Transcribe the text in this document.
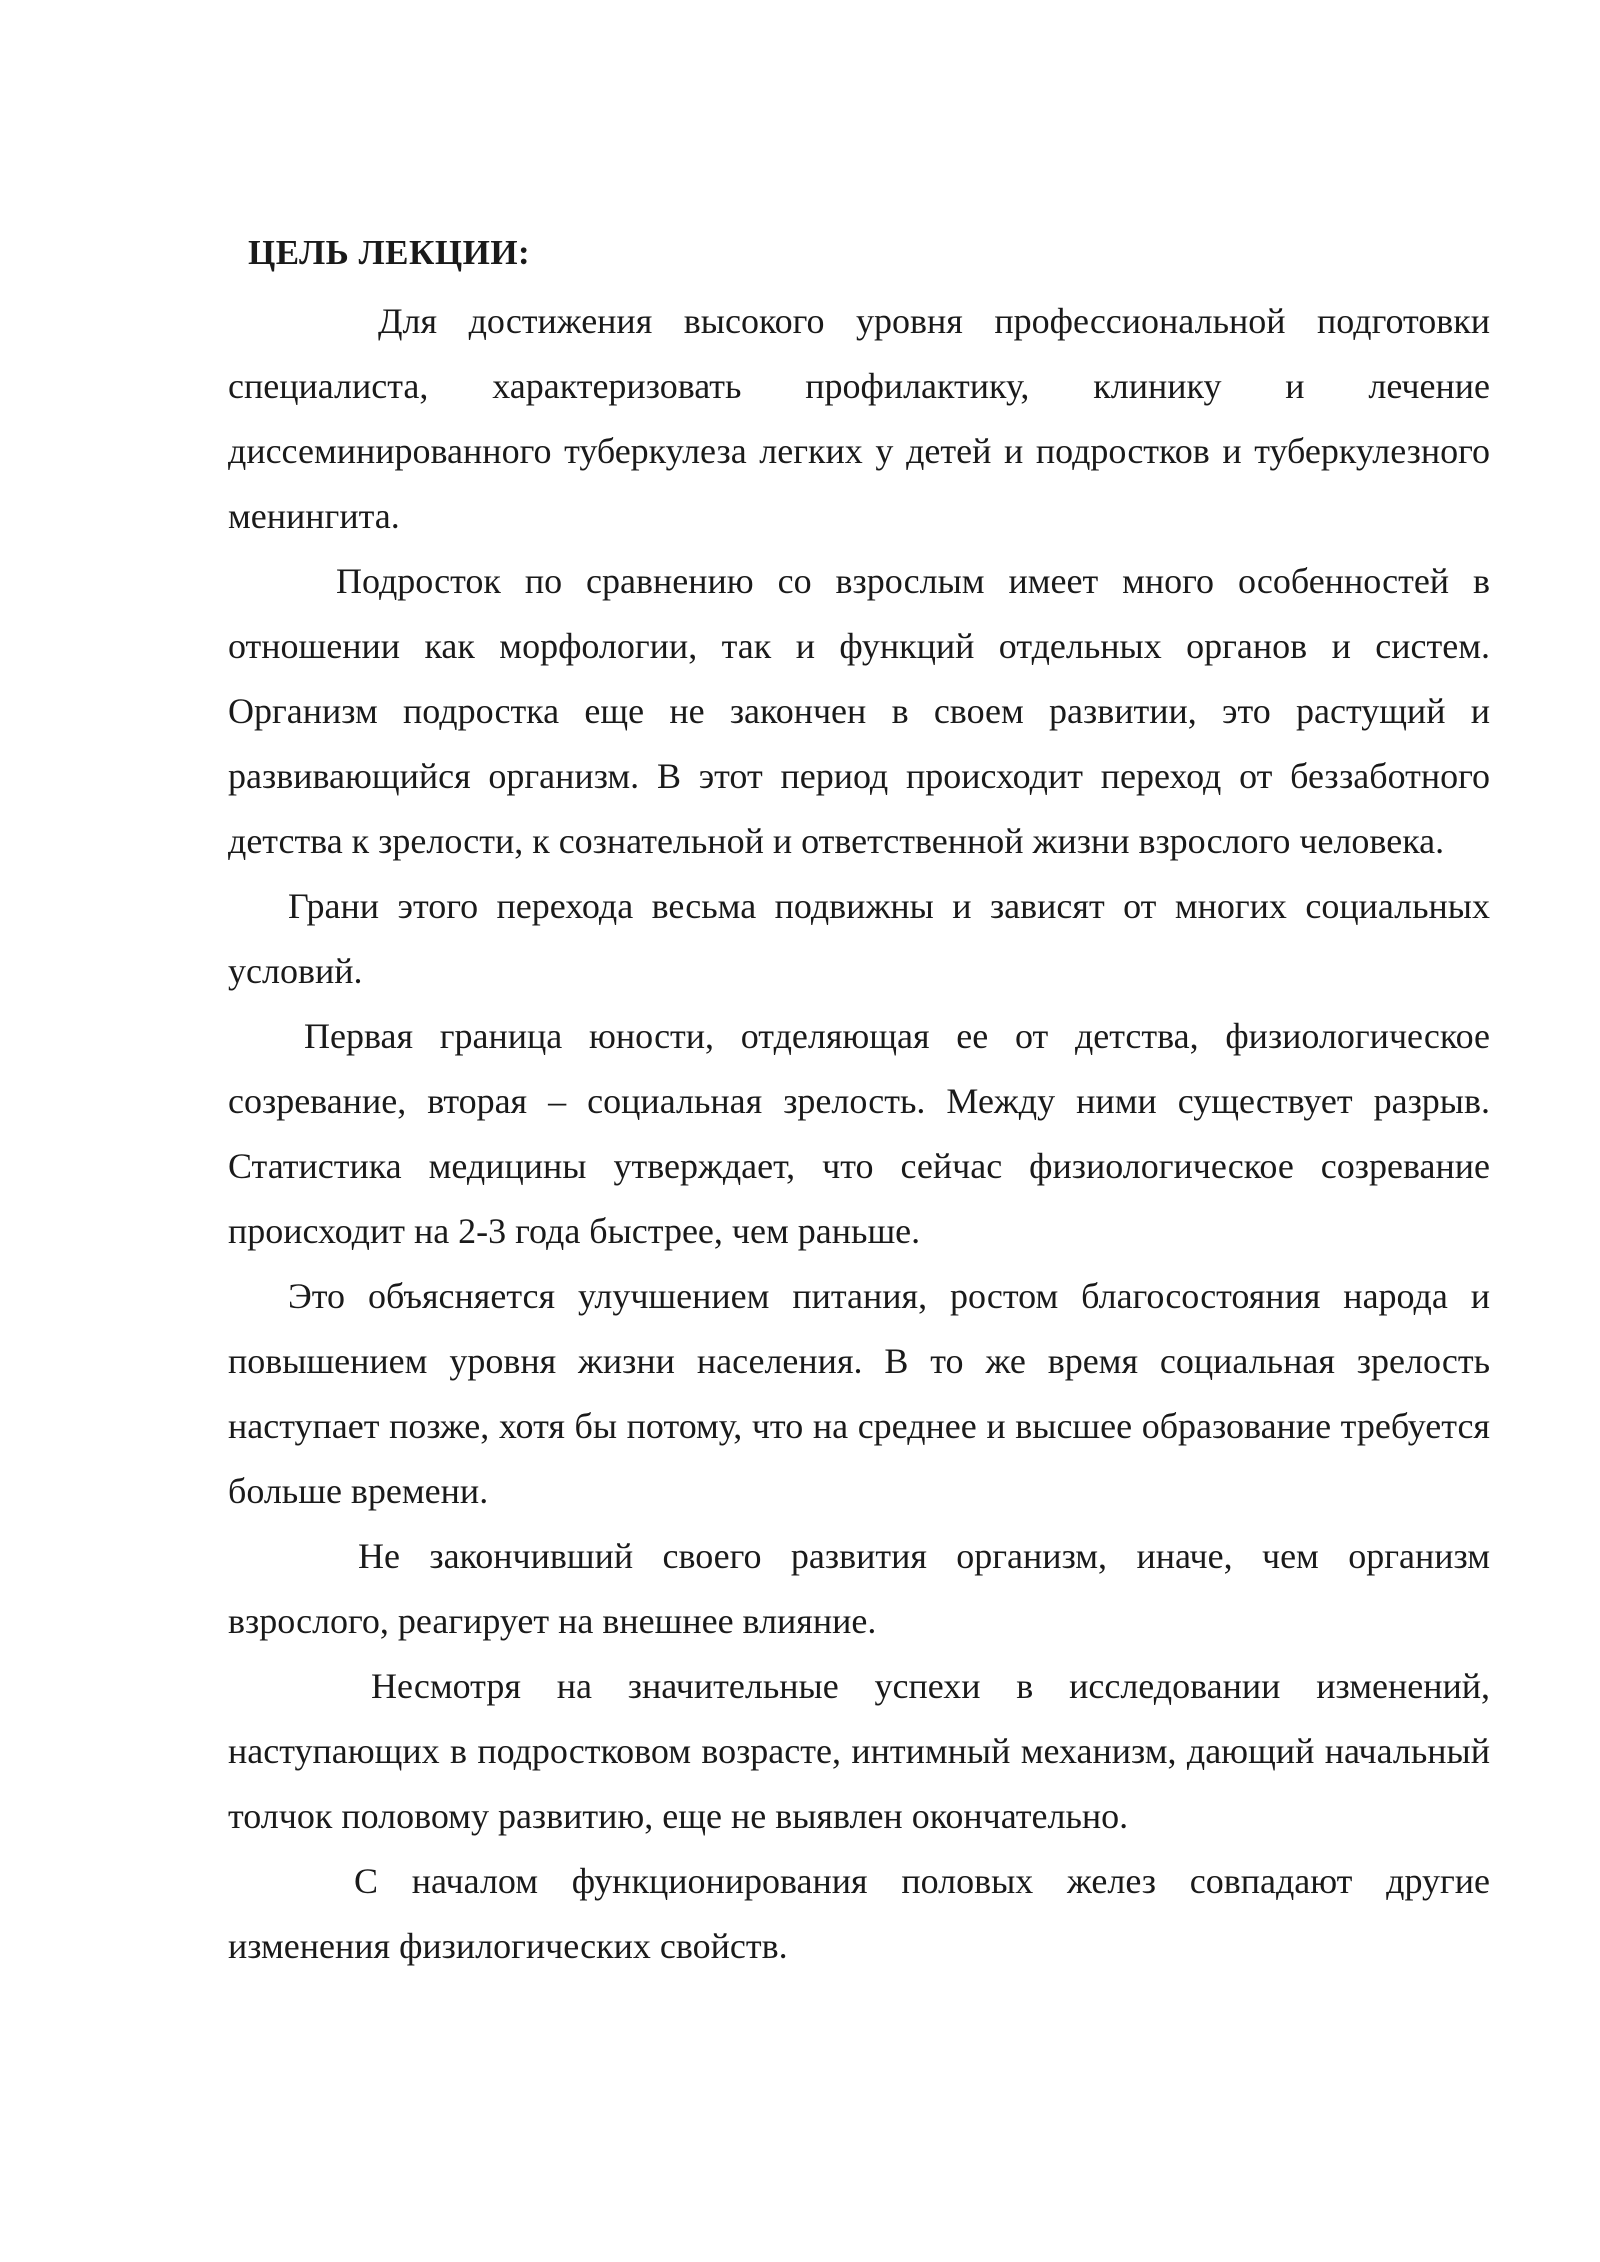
ЦЕЛЬ ЛЕКЦИИ:

Для достижения высокого уровня профессиональной подготовки специалиста, характеризовать профилактику, клинику и лечение диссеминированного туберкулеза легких у детей и подростков и туберкулезного менингита.

Подросток по сравнению со взрослым имеет много особенностей в отношении как морфологии, так и функций отдельных органов и систем. Организм подростка еще не закончен в своем развитии, это растущий и развивающийся организм. В этот период происходит переход от беззаботного детства к зрелости, к сознательной и ответственной жизни взрослого человека.

Грани этого перехода весьма подвижны и зависят от многих социальных условий.

Первая граница юности, отделяющая ее от детства, физиологическое созревание, вторая – социальная зрелость. Между ними существует разрыв. Статистика медицины утверждает, что сейчас физиологическое созревание происходит на 2-3 года быстрее, чем раньше.

Это объясняется улучшением питания, ростом благосостояния народа и повышением уровня жизни населения. В то же время социальная зрелость наступает позже, хотя бы потому, что на среднее и высшее образование требуется больше времени.

Не закончивший своего развития организм, иначе, чем организм взрослого, реагирует на внешнее влияние.

Несмотря на значительные успехи в исследовании изменений, наступающих в подростковом возрасте, интимный механизм, дающий начальный толчок половому развитию, еще не выявлен окончательно.

С началом функционирования половых желез совпадают другие изменения физилогических свойств.
